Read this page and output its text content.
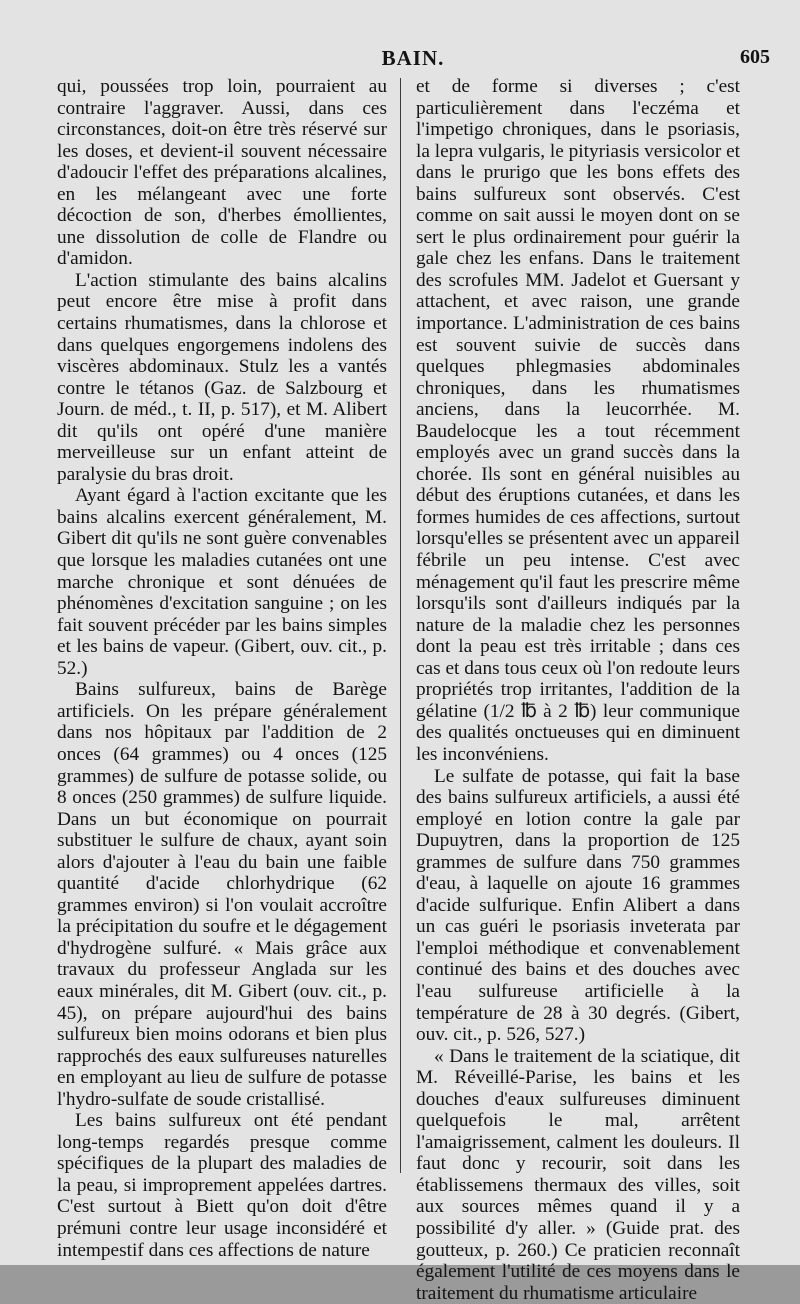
BAIN.	605

qui, poussées trop loin, pourraient au contraire l'aggraver. Aussi, dans ces circonstances, doit-on être très réservé sur les doses, et devient-il souvent nécessaire d'adoucir l'effet des préparations alcalines, en les mélangeant avec une forte décoction de son, d'herbes émollientes, une dissolution de colle de Flandre ou d'amidon.

L'action stimulante des bains alcalins peut encore être mise à profit dans certains rhumatismes, dans la chlorose et dans quelques engorgemens indolens des viscères abdominaux. Stulz les a vantés contre le tétanos (Gaz. de Salzbourg et Journ. de méd., t. II, p. 517), et M. Alibert dit qu'ils ont opéré d'une manière merveilleuse sur un enfant atteint de paralysie du bras droit.

Ayant égard à l'action excitante que les bains alcalins exercent généralement, M. Gibert dit qu'ils ne sont guère convenables que lorsque les maladies cutanées ont une marche chronique et sont dénuées de phénomènes d'excitation sanguine ; on les fait souvent précéder par les bains simples et les bains de vapeur. (Gibert, ouv. cit., p. 52.)

Bains sulfureux, bains de Barège artificiels. On les prépare généralement dans nos hôpitaux par l'addition de 2 onces (64 grammes) ou 4 onces (125 grammes) de sulfure de potasse solide, ou 8 onces (250 grammes) de sulfure liquide. Dans un but économique on pourrait substituer le sulfure de chaux, ayant soin alors d'ajouter à l'eau du bain une faible quantité d'acide chlorhydrique (62 grammes environ) si l'on voulait accroître la précipitation du soufre et le dégagement d'hydrogène sulfuré. « Mais grâce aux travaux du professeur Anglada sur les eaux minérales, dit M. Gibert (ouv. cit., p. 45), on prépare aujourd'hui des bains sulfureux bien moins odorans et bien plus rapprochés des eaux sulfureuses naturelles en employant au lieu de sulfure de potasse l'hydro-sulfate de soude cristallisé.

Les bains sulfureux ont été pendant long-temps regardés presque comme spécifiques de la plupart des maladies de la peau, si improprement appelées dartres. C'est surtout à Biett qu'on doit d'être prémuni contre leur usage inconsidéré et intempestif dans ces affections de nature

et de forme si diverses ; c'est particulièrement dans l'eczéma et l'impetigo chroniques, dans le psoriasis, la lepra vulgaris, le pityriasis versicolor et dans le prurigo que les bons effets des bains sulfureux sont observés. C'est comme on sait aussi le moyen dont on se sert le plus ordinairement pour guérir la gale chez les enfans. Dans le traitement des scrofules MM. Jadelot et Guersant y attachent, et avec raison, une grande importance. L'administration de ces bains est souvent suivie de succès dans quelques phlegmasies abdominales chroniques, dans les rhumatismes anciens, dans la leucorrhée. M. Baudelocque les a tout récemment employés avec un grand succès dans la chorée. Ils sont en général nuisibles au début des éruptions cutanées, et dans les formes humides de ces affections, surtout lorsqu'elles se présentent avec un appareil fébrile un peu intense. C'est avec ménagement qu'il faut les prescrire même lorsqu'ils sont d'ailleurs indiqués par la nature de la maladie chez les personnes dont la peau est très irritable ; dans ces cas et dans tous ceux où l'on redoute leurs propriétés trop irritantes, l'addition de la gélatine (1/2 ℔ à 2 ℔) leur communique des qualités onctueuses qui en diminuent les inconvéniens.

Le sulfate de potasse, qui fait la base des bains sulfureux artificiels, a aussi été employé en lotion contre la gale par Dupuytren, dans la proportion de 125 grammes de sulfure dans 750 grammes d'eau, à laquelle on ajoute 16 grammes d'acide sulfurique. Enfin Alibert a dans un cas guéri le psoriasis inveterata par l'emploi méthodique et convenablement continué des bains et des douches avec l'eau sulfureuse artificielle à la température de 28 à 30 degrés. (Gibert, ouv. cit., p. 526, 527.)

« Dans le traitement de la sciatique, dit M. Réveillé-Parise, les bains et les douches d'eaux sulfureuses diminuent quelquefois le mal, arrêtent l'amaigrissement, calment les douleurs. Il faut donc y recourir, soit dans les établissemens thermaux des villes, soit aux sources mêmes quand il y a possibilité d'y aller. » (Guide prat. des goutteux, p. 260.) Ce praticien reconnaît également l'utilité de ces moyens dans le traitement du rhumatisme articulaire
